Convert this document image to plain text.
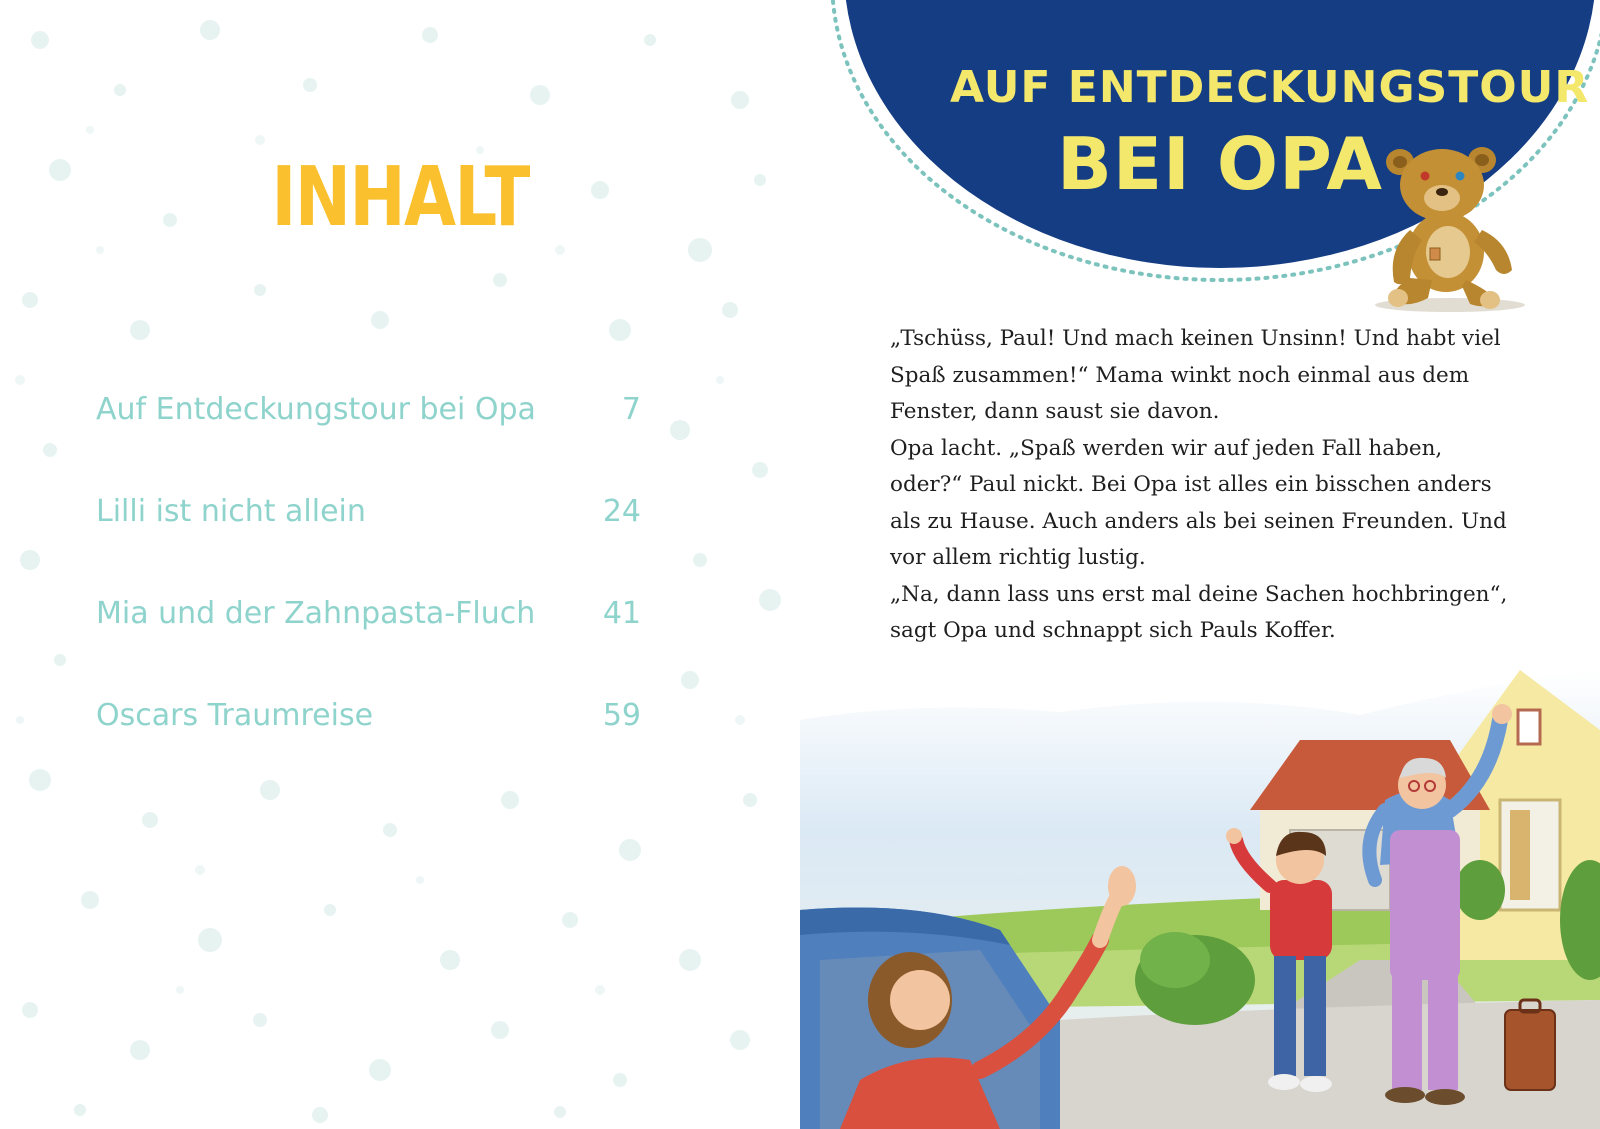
INHALT
Auf Entdeckungstour bei Opa	7
Lilli ist nicht allein	24
Mia und der Zahnpasta-Fluch 41
Oscars Traumreise	59
AUF ENTDECKUNGSTOUR
BEI OPA

„Tschüss, Paul! Und mach keinen Unsinn! Und habt viel Spaß zusammen!“ Mama winkt noch einmal aus dem Fenster, dann saust sie davon.

Opa lacht. „Spaß werden wir auf jeden Fall haben, oder?“ Paul nickt. Bei Opa ist alles ein bisschen anders als zu Hause. Auch anders als bei seinen Freunden. Und vor allem richtig lustig.

„Na, dann lass uns erst mal deine Sachen hochbringen“, sagt Opa und schnappt sich Pauls Koffer.
